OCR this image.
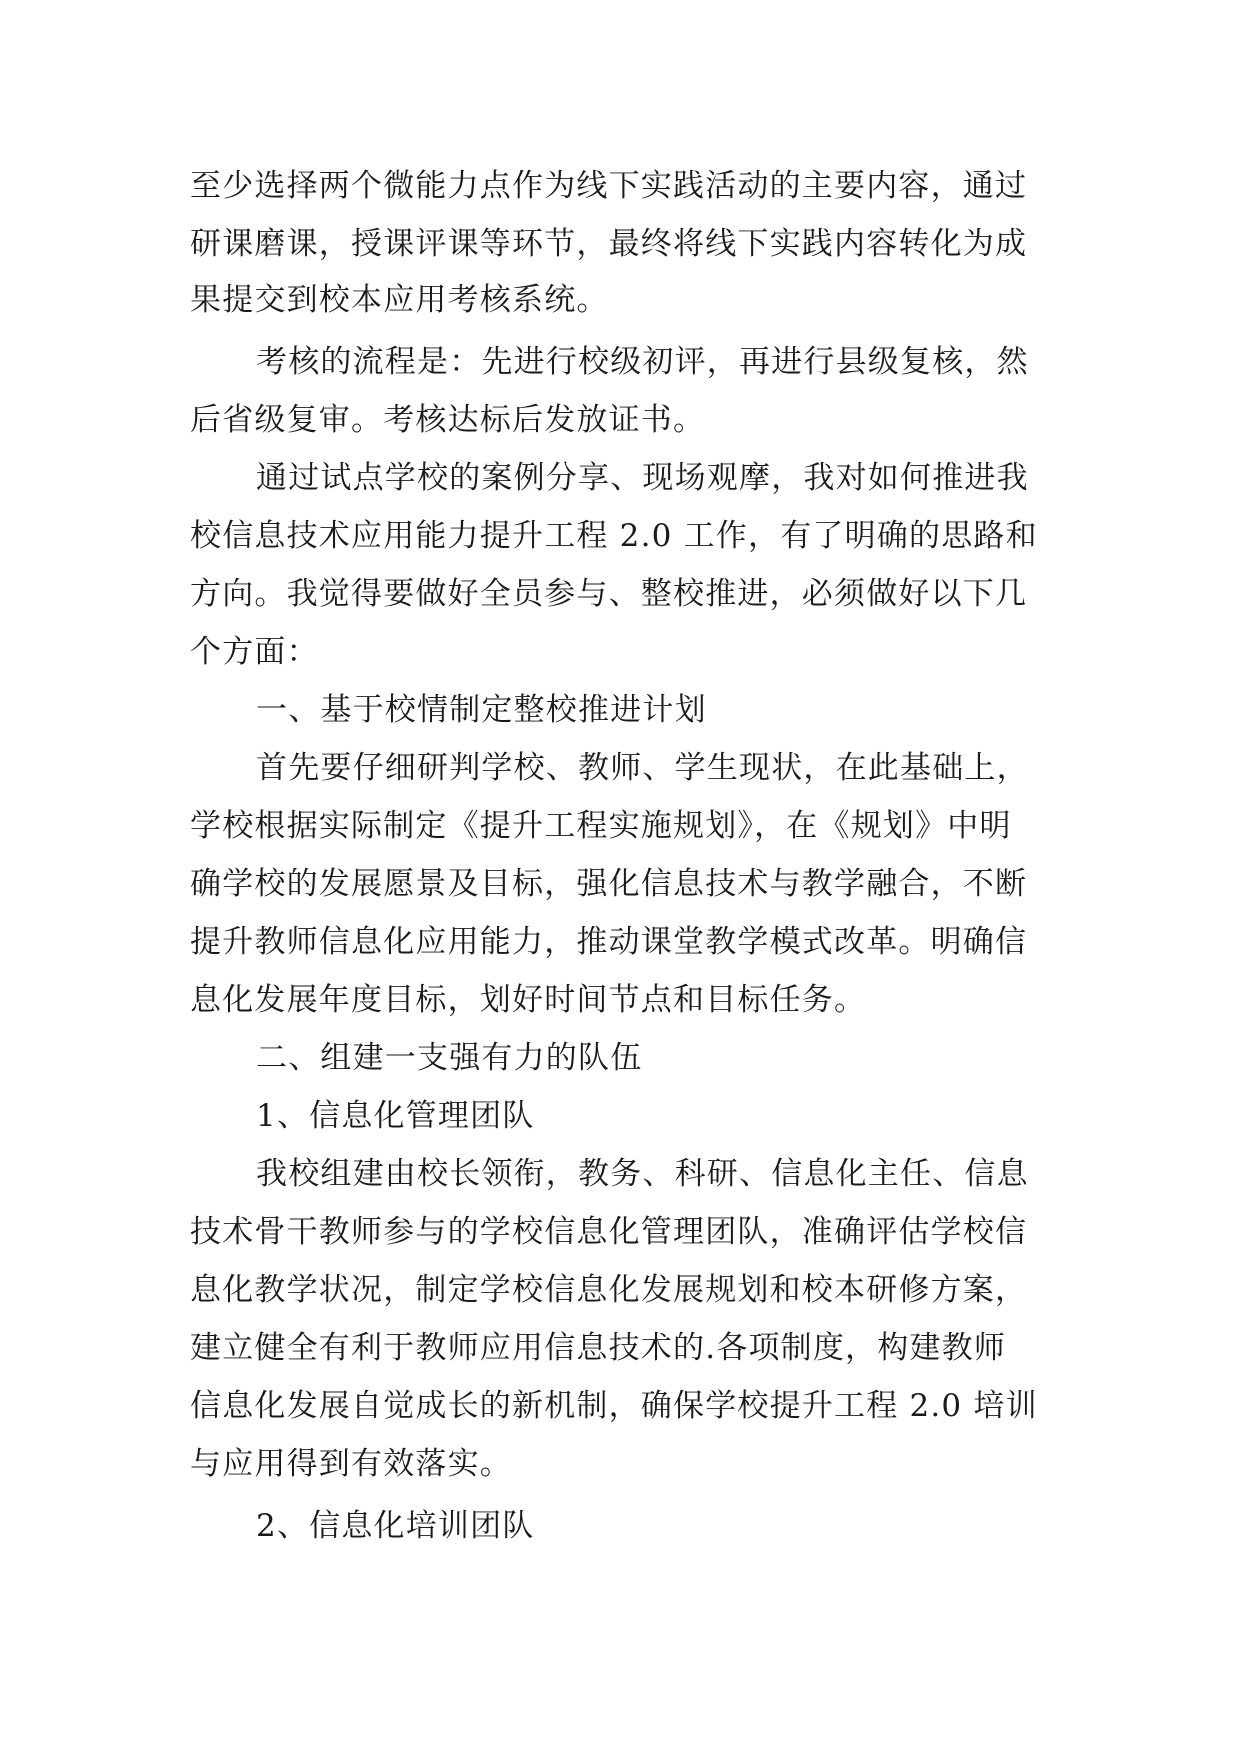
至少选择两个微能力点作为线下实践活动的主要内容，通过
研课磨课，授课评课等环节，最终将线下实践内容转化为成
果提交到校本应用考核系统。
考核的流程是：先进行校级初评，再进行县级复核，然
后省级复审。考核达标后发放证书。
通过试点学校的案例分享、现场观摩，我对如何推进我
校信息技术应用能力提升工程 2.0 工作，有了明确的思路和
方向。我觉得要做好全员参与、整校推进，必须做好以下几
个方面：
一、基于校情制定整校推进计划
首先要仔细研判学校、教师、学生现状，在此基础上，
学校根据实际制定《提升工程实施规划》，在《规划》中明
确学校的发展愿景及目标，强化信息技术与教学融合，不断
提升教师信息化应用能力，推动课堂教学模式改革。明确信
息化发展年度目标，划好时间节点和目标任务。
二、组建一支强有力的队伍
1、信息化管理团队
我校组建由校长领衔，教务、科研、信息化主任、信息
技术骨干教师参与的学校信息化管理团队，准确评估学校信
息化教学状况，制定学校信息化发展规划和校本研修方案，
建立健全有利于教师应用信息技术的.各项制度，构建教师
信息化发展自觉成长的新机制，确保学校提升工程 2.0 培训
与应用得到有效落实。
2、信息化培训团队
